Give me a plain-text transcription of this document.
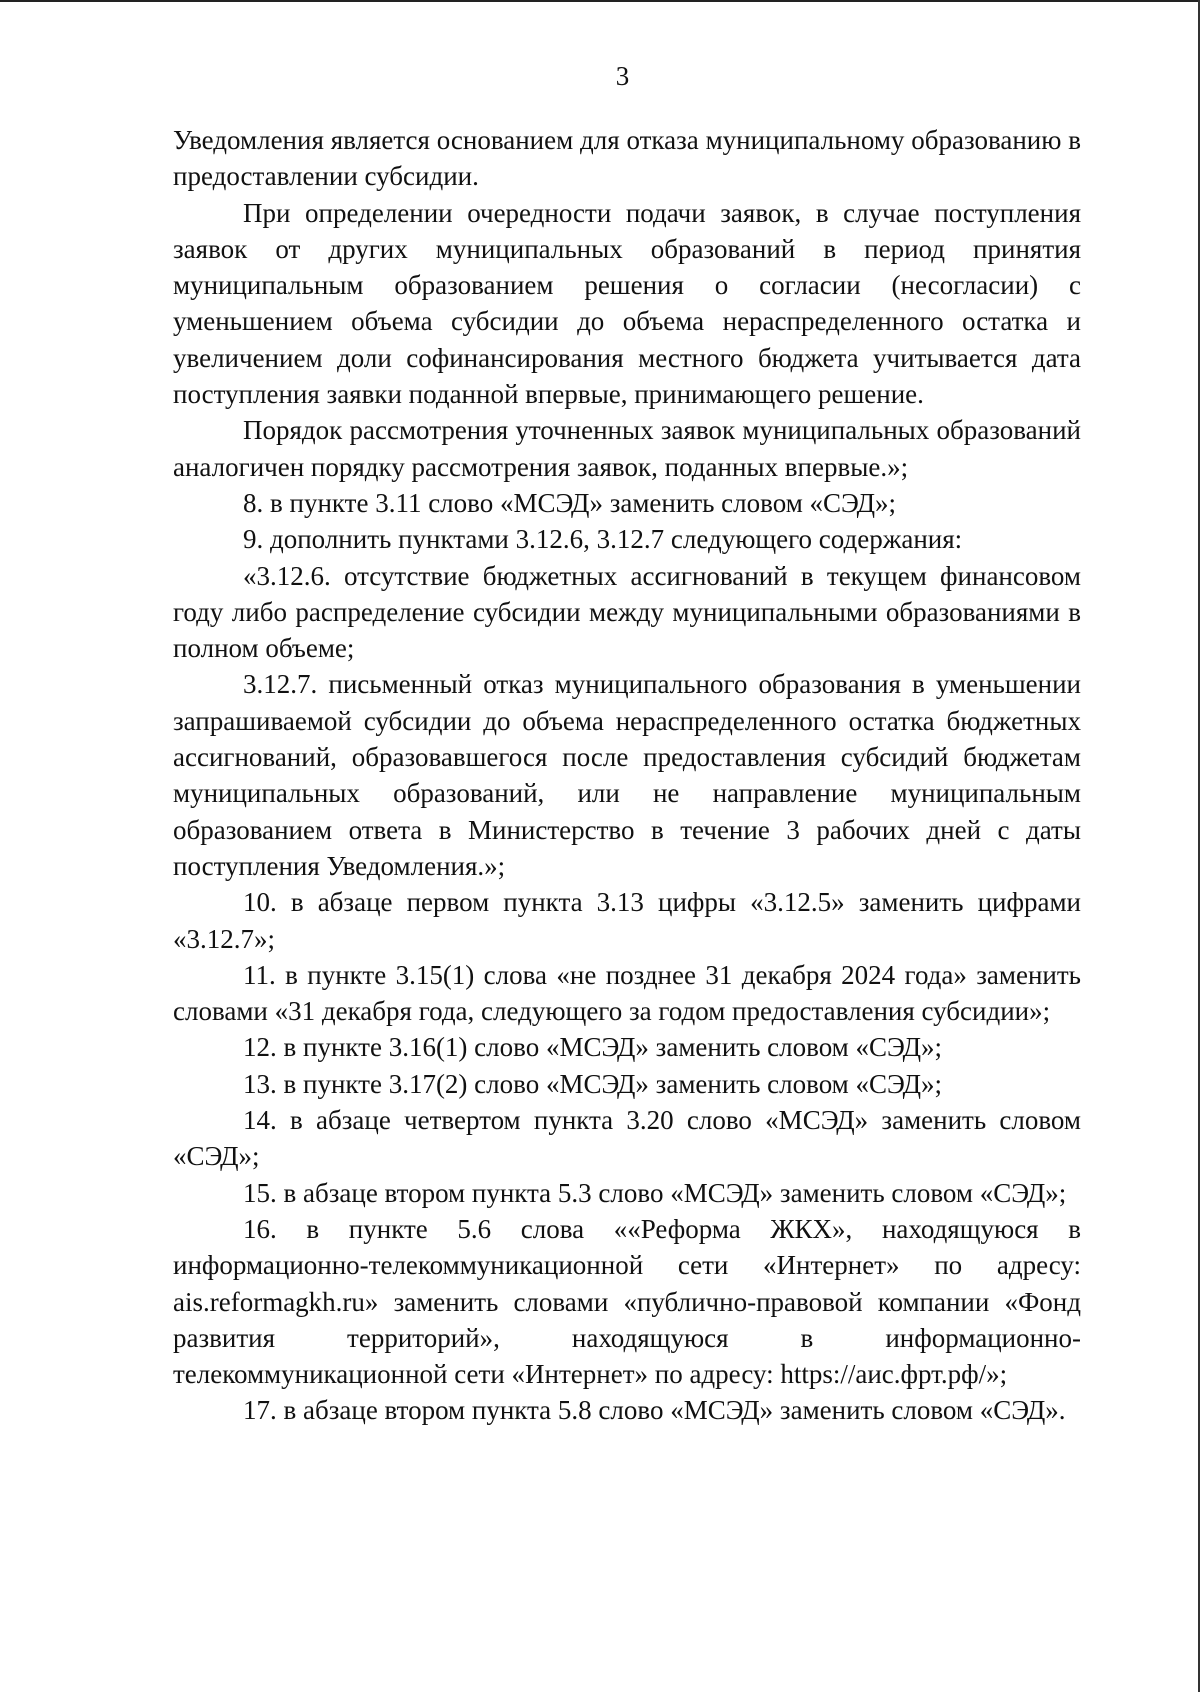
3

Уведомления является основанием для отказа муниципальному образованию в предоставлении субсидии.

При определении очередности подачи заявок, в случае поступления заявок от других муниципальных образований в период принятия муниципальным образованием решения о согласии (несогласии) с уменьшением объема субсидии до объема нераспределенного остатка и увеличением доли софинансирования местного бюджета учитывается дата поступления заявки поданной впервые, принимающего решение.

Порядок рассмотрения уточненных заявок муниципальных образований аналогичен порядку рассмотрения заявок, поданных впервые.»;

8. в пункте 3.11 слово «МСЭД» заменить словом «СЭД»;

9. дополнить пунктами 3.12.6, 3.12.7 следующего содержания:

«3.12.6. отсутствие бюджетных ассигнований в текущем финансовом году либо распределение субсидии между муниципальными образованиями в полном объеме;

3.12.7. письменный отказ муниципального образования в уменьшении запрашиваемой субсидии до объема нераспределенного остатка бюджетных ассигнований, образовавшегося после предоставления субсидий бюджетам муниципальных образований, или не направление муниципальным образованием ответа в Министерство в течение 3 рабочих дней с даты поступления Уведомления.»;

10. в абзаце первом пункта 3.13 цифры «3.12.5» заменить цифрами «3.12.7»;

11. в пункте 3.15(1) слова «не позднее 31 декабря 2024 года» заменить словами «31 декабря года, следующего за годом предоставления субсидии»;

12. в пункте 3.16(1) слово «МСЭД» заменить словом «СЭД»;

13. в пункте 3.17(2) слово «МСЭД» заменить словом «СЭД»;

14. в абзаце четвертом пункта 3.20 слово «МСЭД» заменить словом «СЭД»;

15. в абзаце втором пункта 5.3 слово «МСЭД» заменить словом «СЭД»;

16. в пункте 5.6 слова ««Реформа ЖКХ», находящуюся в информационно-телекоммуникационной сети «Интернет» по адресу: ais.reformagkh.ru» заменить словами «публично-правовой компании «Фонд развития территорий», находящуюся в информационно-телекоммуникационной сети «Интернет» по адресу: https://аис.фрт.рф/»;

17. в абзаце втором пункта 5.8 слово «МСЭД» заменить словом «СЭД».
